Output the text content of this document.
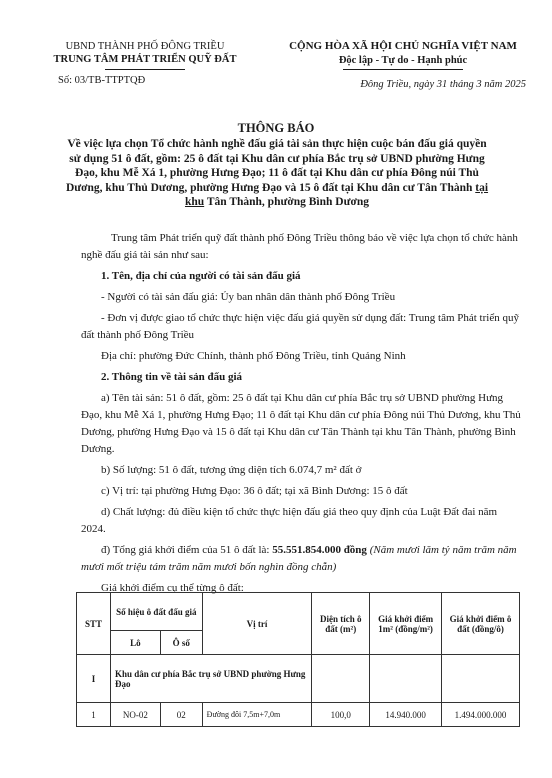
UBND THÀNH PHỐ ĐÔNG TRIỀU
TRUNG TÂM PHÁT TRIỂN QUỸ ĐẤT
Số: 03/TB-TTPTQĐ
CỘNG HÒA XÃ HỘI CHỦ NGHĨA VIỆT NAM
Độc lập - Tự do - Hạnh phúc
Đông Triều, ngày 31 tháng 3 năm 2025
THÔNG BÁO
Về việc lựa chọn Tổ chức hành nghề đấu giá tài sản thực hiện cuộc bán đấu giá quyền sử dụng 51 ô đất, gồm: 25 ô đất tại Khu dân cư phía Bắc trụ sở UBND phường Hưng Đạo, khu Mễ Xá 1, phường Hưng Đạo; 11 ô đất tại Khu dân cư phía Đông núi Thủ Dương, khu Thủ Dương, phường Hưng Đạo và 15 ô đất tại Khu dân cư Tân Thành tại khu Tân Thành, phường Bình Dương

Trung tâm Phát triển quỹ đất thành phố Đông Triều thông báo về việc lựa chọn tổ chức hành nghề đấu giá tài sản như sau:

1. Tên, địa chỉ của người có tài sản đấu giá

- Người có tài sản đấu giá: Ủy ban nhân dân thành phố Đông Triều

- Đơn vị được giao tổ chức thực hiện việc đấu giá quyền sử dụng đất: Trung tâm Phát triển quỹ đất thành phố Đông Triều

Địa chỉ: phường Đức Chính, thành phố Đông Triều, tỉnh Quảng Ninh

2. Thông tin về tài sản đấu giá

a) Tên tài sản: 51 ô đất, gồm: 25 ô đất tại Khu dân cư phía Bắc trụ sở UBND phường Hưng Đạo, khu Mễ Xá 1, phường Hưng Đạo; 11 ô đất tại Khu dân cư phía Đông núi Thủ Dương, khu Thủ Dương, phường Hưng Đạo và 15 ô đất tại Khu dân cư Tân Thành tại khu Tân Thành, phường Bình Dương.

b) Số lượng: 51 ô đất, tương ứng diện tích 6.074,7 m² đất ở

c) Vị trí: tại phường Hưng Đạo: 36 ô đất; tại xã Bình Dương: 15 ô đất

d) Chất lượng: đủ điều kiện tổ chức thực hiện đấu giá theo quy định của Luật Đất đai năm 2024.

đ) Tổng giá khởi điểm của 51 ô đất là: 55.551.854.000 đồng (Năm mươi lăm tỷ năm trăm năm mươi mốt triệu tám trăm năm mươi bốn nghìn đồng chẵn)

Giá khởi điểm cụ thể từng ô đất:

STT	Số hiệu ô đất đấu giá		Vị trí	Diện tích ô đất (m²)	Giá khởi điểm 1m² (đồng/m²)	Giá khởi điểm ô đất (đồng/ô)
	Lô	Ô số				
I	Khu dân cư phía Bắc trụ sở UBND phường Hưng Đạo					
1	NO-02	02	Đường đôi 7,5m+7,0m	100,0	14.940.000	1.494.000.000
